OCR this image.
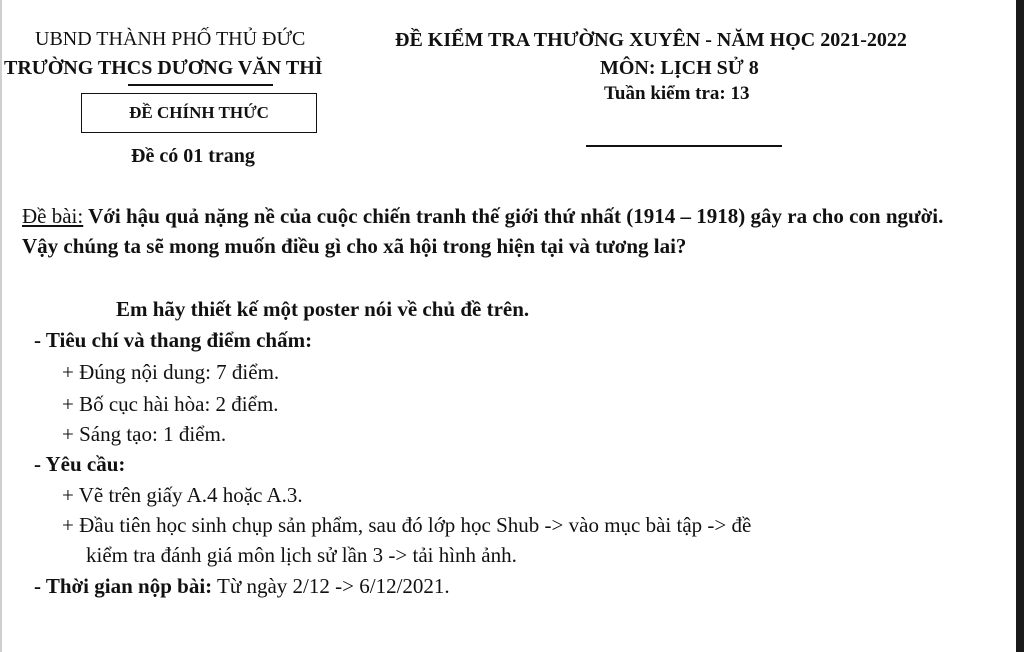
UBND THÀNH PHỐ THỦ ĐỨC
TRƯỜNG THCS DƯƠNG VĂN THÌ
ĐỀ CHÍNH THỨC
Đề có 01 trang
ĐỀ KIỂM TRA THƯỜNG XUYÊN - NĂM HỌC 2021-2022
MÔN: LỊCH SỬ 8
Tuần kiểm tra: 13
Đề bài: Với hậu quả nặng nề của cuộc chiến tranh thế giới thứ nhất (1914 – 1918) gây ra cho con người. Vậy chúng ta sẽ mong muốn điều gì cho xã hội trong hiện tại và tương lai?
Em hãy thiết kế một poster nói về chủ đề trên.
- Tiêu chí và thang điểm chấm:
+ Đúng nội dung: 7 điểm.
+ Bố cục hài hòa: 2 điểm.
+ Sáng tạo: 1 điểm.
- Yêu cầu:
+ Vẽ trên giấy A.4 hoặc A.3.
+ Đầu tiên học sinh chụp sản phẩm, sau đó lớp học Shub -> vào mục bài tập -> đề
kiểm tra đánh giá môn lịch sử lần 3 -> tải hình ảnh.
- Thời gian nộp bài: Từ ngày 2/12 -> 6/12/2021.
